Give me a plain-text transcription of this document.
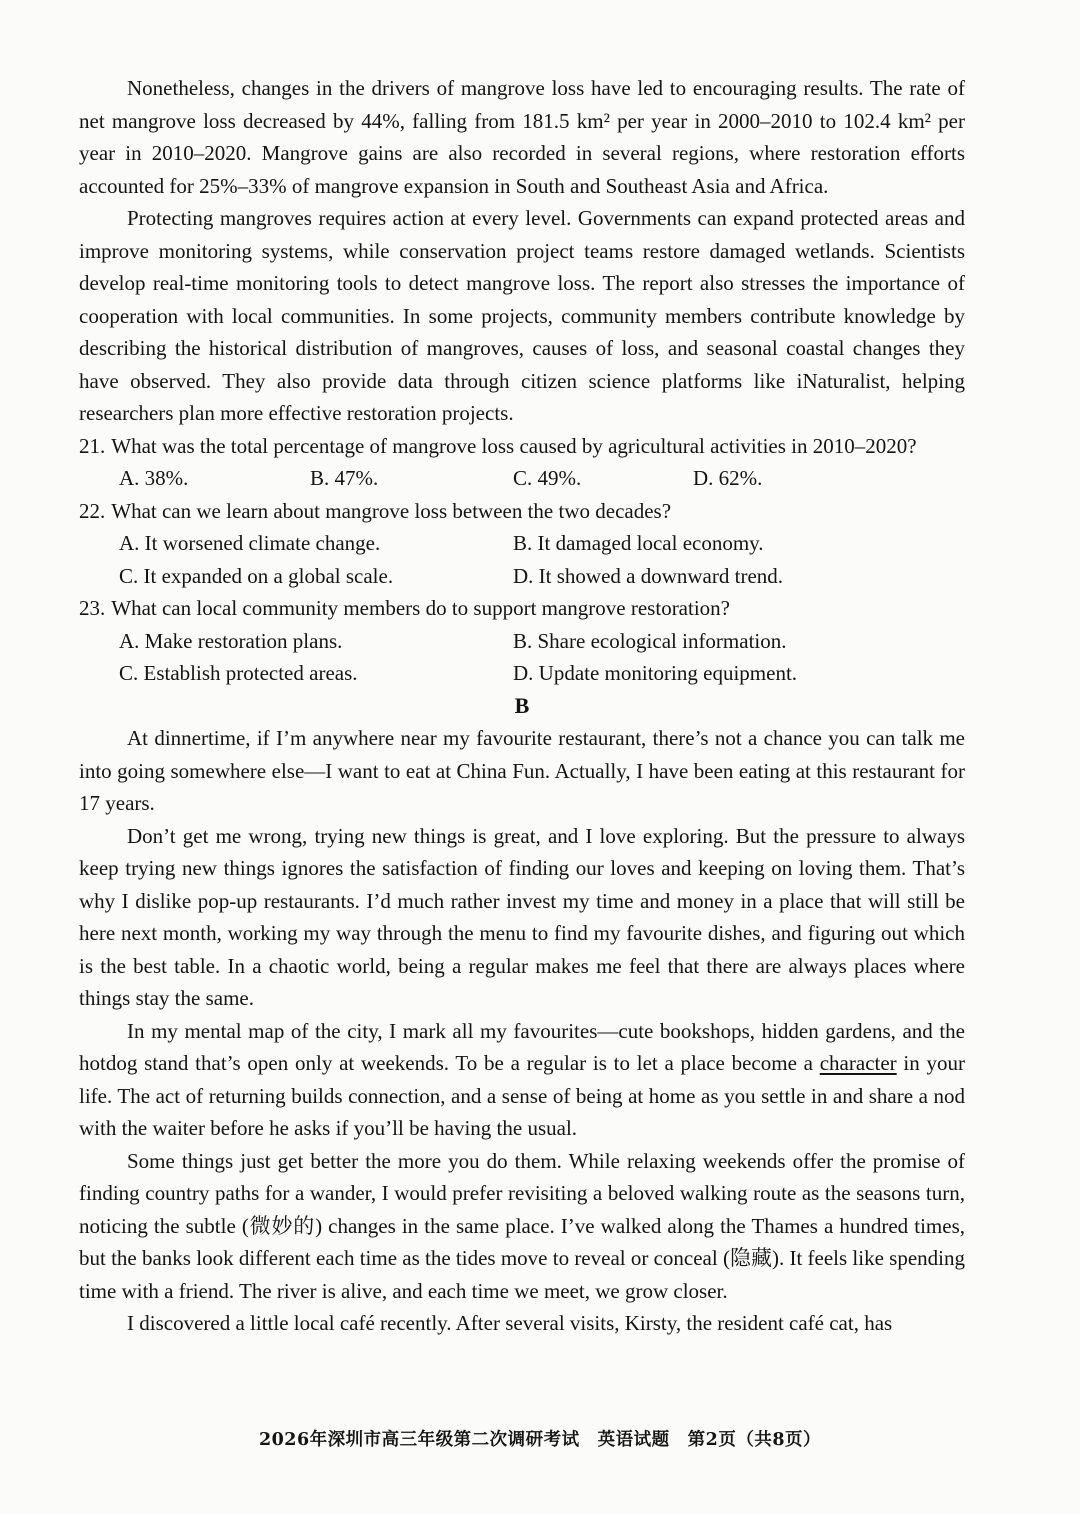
Nonetheless, changes in the drivers of mangrove loss have led to encouraging results. The rate of net mangrove loss decreased by 44%, falling from 181.5 km² per year in 2000–2010 to 102.4 km² per year in 2010–2020. Mangrove gains are also recorded in several regions, where restoration efforts accounted for 25%–33% of mangrove expansion in South and Southeast Asia and Africa.

Protecting mangroves requires action at every level. Governments can expand protected areas and improve monitoring systems, while conservation project teams restore damaged wetlands. Scientists develop real-time monitoring tools to detect mangrove loss. The report also stresses the importance of cooperation with local communities. In some projects, community members contribute knowledge by describing the historical distribution of mangroves, causes of loss, and seasonal coastal changes they have observed. They also provide data through citizen science platforms like iNaturalist, helping researchers plan more effective restoration projects.

21. What was the total percentage of mangrove loss caused by agricultural activities in 2010–2020?
A. 38%.	B. 47%.	C. 49%.	D. 62%.
22. What can we learn about mangrove loss between the two decades?
A. It worsened climate change.	B. It damaged local economy.
C. It expanded on a global scale.	D. It showed a downward trend.
23. What can local community members do to support mangrove restoration?
A. Make restoration plans.	B. Share ecological information.
C. Establish protected areas.	D. Update monitoring equipment.
B

At dinnertime, if I’m anywhere near my favourite restaurant, there’s not a chance you can talk me into going somewhere else—I want to eat at China Fun. Actually, I have been eating at this restaurant for 17 years.

Don’t get me wrong, trying new things is great, and I love exploring. But the pressure to always keep trying new things ignores the satisfaction of finding our loves and keeping on loving them. That’s why I dislike pop-up restaurants. I’d much rather invest my time and money in a place that will still be here next month, working my way through the menu to find my favourite dishes, and figuring out which is the best table. In a chaotic world, being a regular makes me feel that there are always places where things stay the same.

In my mental map of the city, I mark all my favourites—cute bookshops, hidden gardens, and the hotdog stand that’s open only at weekends. To be a regular is to let a place become a character in your life. The act of returning builds connection, and a sense of being at home as you settle in and share a nod with the waiter before he asks if you’ll be having the usual.

Some things just get better the more you do them. While relaxing weekends offer the promise of finding country paths for a wander, I would prefer revisiting a beloved walking route as the seasons turn, noticing the subtle (微妙的) changes in the same place. I’ve walked along the Thames a hundred times, but the banks look different each time as the tides move to reveal or conceal (隐藏). It feels like spending time with a friend. The river is alive, and each time we meet, we grow closer.

I discovered a little local café recently. After several visits, Kirsty, the resident café cat, has

2026年深圳市高三年级第二次调研考试 英语试题 第2页（共8页）
